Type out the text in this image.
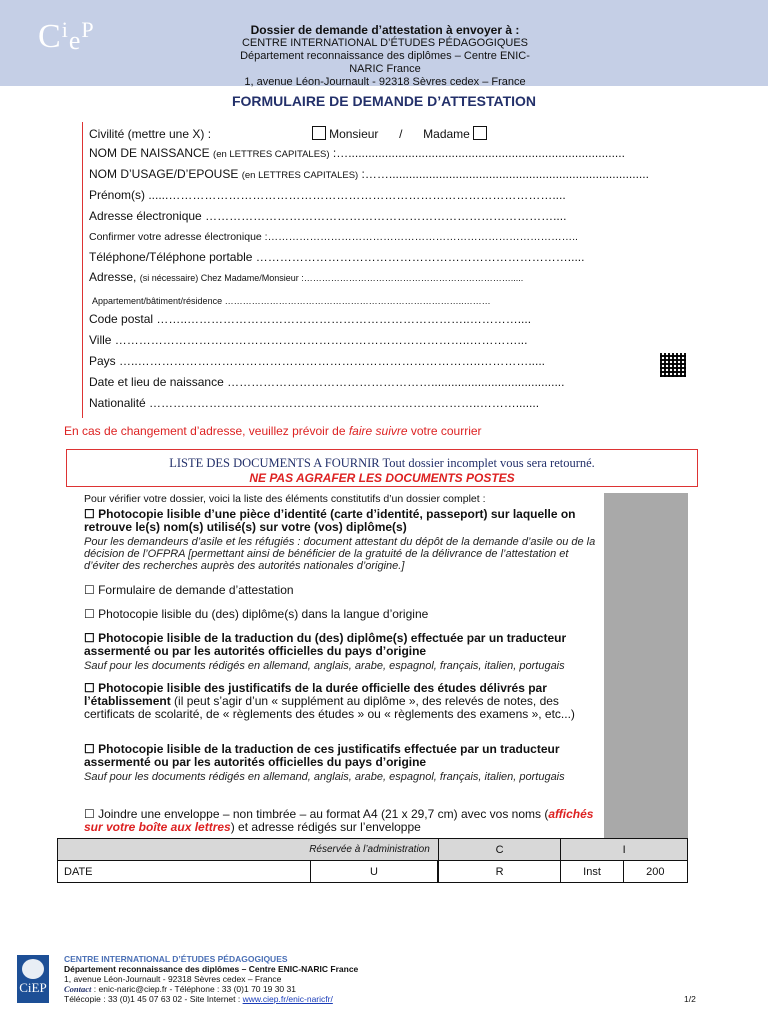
$C^ie^P$	Dossier de demande d’attestation à envoyer à :
CENTRE INTERNATIONAL D’ÉTUDES PÉDAGOGIQUES
Département reconnaissance des diplômes – Centre ENIC-NARIC France
1, avenue Léon-Journault - 92318 Sèvres cedex – France
FORMULAIRE DE DEMANDE D’ATTESTATION
Civilité (mettre une X) :	Monsieur / Madame
NOM DE NAISSANCE (en LETTRES CAPITALES) :…...................................................................................
NOM D’USAGE/D’EPOUSE (en LETTRES CAPITALES) :……..............................................................................
Prénom(s) ......……………………………………………………………………………………....
Adresse électronique ……………………………………………………………………………....
Confirmer votre adresse électronique :……………………………………………………………………………..
Téléphone/Téléphone portable …………………………………………………………………….....
Adresse, (si nécessaire) Chez Madame/Monsieur :…………………………………………………………….....
Appartement/bâtiment/résidence ……………………………………………………………………..………
Code postal ……..……………………………………………………………..…………....
Ville ……………………………………………………………………………..…………...
Pays …..…………………………………………………………………………..………….....
Date et lieu de naissance ……………………………………………........................................
Nationalité ………………………………………………………………………..……….......
En cas de changement d’adresse, veuillez prévoir de faire suivre votre courrier
LISTE DES DOCUMENTS A FOURNIR Tout dossier incomplet vous sera retourné.
NE PAS AGRAFER LES DOCUMENTS POSTES
Pour vérifier votre dossier, voici la liste des éléments constitutifs d’un dossier complet :
☐ Photocopie lisible d’une pièce d’identité (carte d’identité, passeport) sur laquelle on retrouve le(s) nom(s) utilisé(s) sur votre (vos) diplôme(s)
Pour les demandeurs d’asile et les réfugiés : document attestant du dépôt de la demande d’asile ou de la décision de l’OFPRA [permettant ainsi de bénéficier de la gratuité de la délivrance de l’attestation et d’éviter des recherches auprès des autorités nationales d’origine.]
☐ Formulaire de demande d’attestation
☐ Photocopie lisible du (des) diplôme(s) dans la langue d’origine
☐ Photocopie lisible de la traduction du (des) diplôme(s) effectuée par un traducteur assermenté ou par les autorités officielles du pays d’origine
Sauf pour les documents rédigés en allemand, anglais, arabe, espagnol, français, italien, portugais
☐ Photocopie lisible des justificatifs de la durée officielle des études délivrés par l’établissement (il peut s’agir d’un « supplément au diplôme », des relevés de notes, des certificats de scolarité, de « règlements des études » ou « règlements des examens », etc...)
☐ Photocopie lisible de la traduction de ces justificatifs effectuée par un traducteur assermenté ou par les autorités officielles du pays d’origine
Sauf pour les documents rédigés en allemand, anglais, arabe, espagnol, français, italien, portugais
☐ Joindre une enveloppe – non timbrée – au format A4 (21 x 29,7 cm) avec vos noms (affichés sur votre boîte aux lettres) et adresse rédigés sur l’enveloppe
Réservée à l’administration		C	I	
DATE	U		R	Inst	200
CiEP
CENTRE INTERNATIONAL D’ÉTUDES PÉDAGOGIQUES
Département reconnaissance des diplômes – Centre ENIC-NARIC France
1, avenue Léon-Journault - 92318 Sèvres cedex – France
Contact : enic-naric@ciep.fr - Téléphone : 33 (0)1 70 19 30 31
Télécopie : 33 (0)1 45 07 63 02 - Site Internet : www.ciep.fr/enic-naricfr/	1/2
